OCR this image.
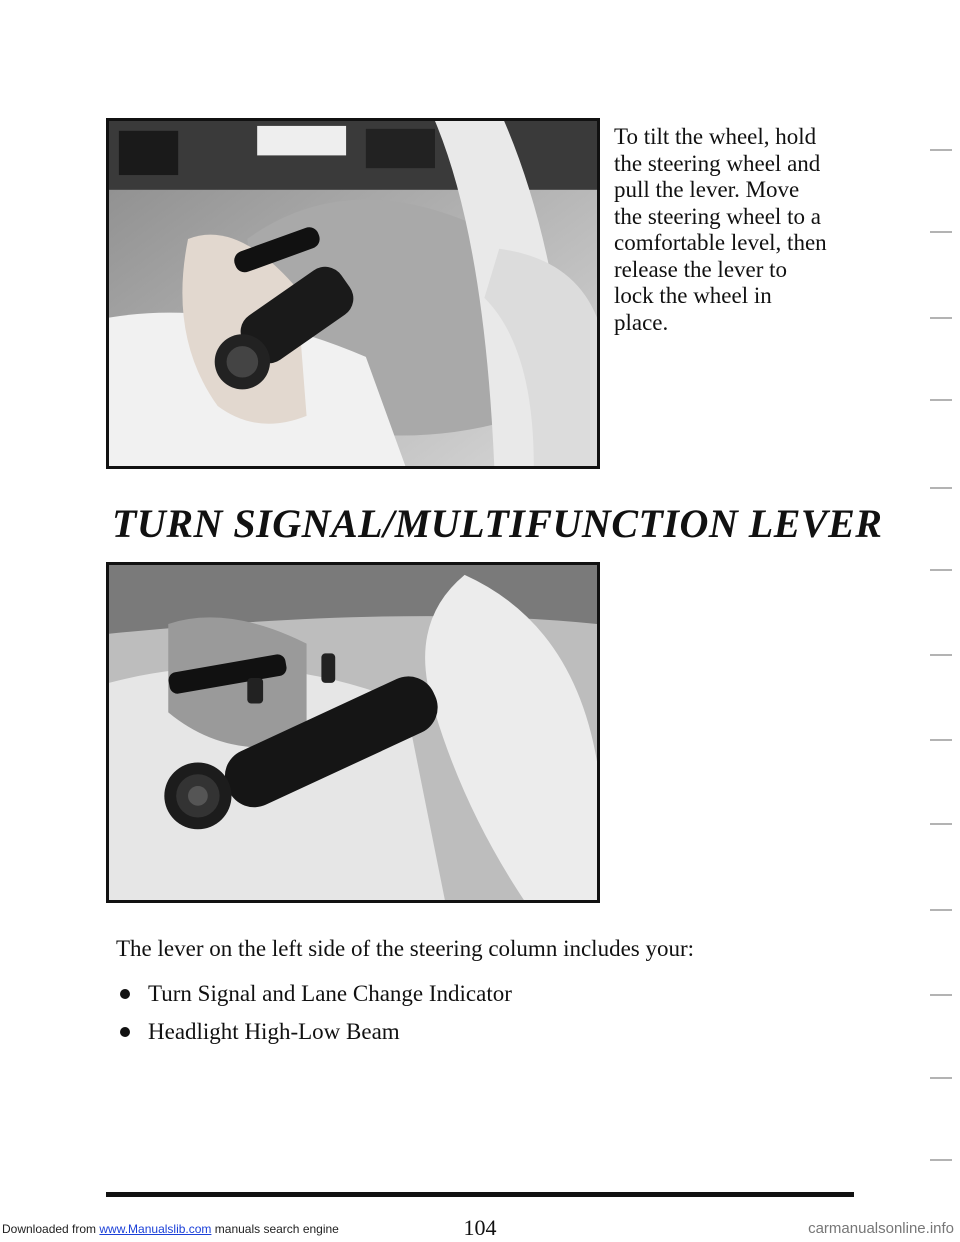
To tilt the wheel, hold
the steering wheel and
pull the lever. Move
the steering wheel to a
comfortable level, then
release the lever to
lock the wheel in
place.
TURN SIGNAL/MULTIFUNCTION LEVER
The lever on the left side of the steering column includes your:
Turn Signal and Lane Change Indicator
Headlight High-Low Beam
104
Downloaded from www.Manualslib.com manuals search engine	carmanualsonline.info
